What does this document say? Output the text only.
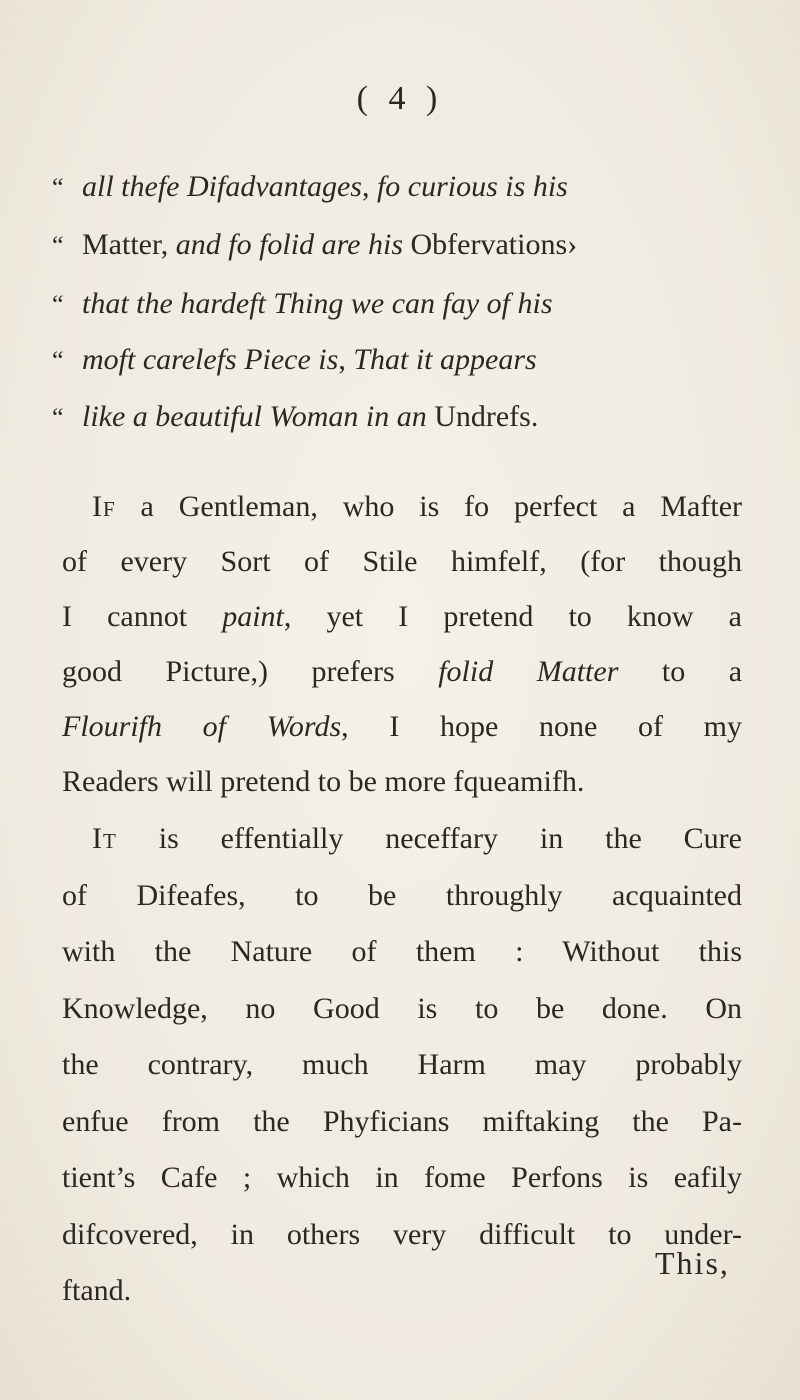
( 4 )
“ all thefe Difadvantages, fo curious is his
“ Matter, and fo folid are his Obfervations›
“ that the hardeft Thing we can fay of his
“ moft carelefs Piece is, That it appears
“ like a beautiful Woman in an Undrefs.
If a Gentleman, who is fo perfect a Mafter
of every Sort of Stile himfelf, (for though
I cannot paint, yet I pretend to know a
good Picture,) prefers folid Matter to a
Flourifh of Words, I hope none of my
Readers will pretend to be more fqueamifh.
It is effentially neceffary in the Cure
of Difeafes, to be throughly acquainted
with the Nature of them : Without this
Knowledge, no Good is to be done. On
the contrary, much Harm may probably
enfue from the Phyficians miftaking the Pa-
tient’s Cafe ; which in fome Perfons is eafily
difcovered, in others very difficult to under-
ftand.
This,
